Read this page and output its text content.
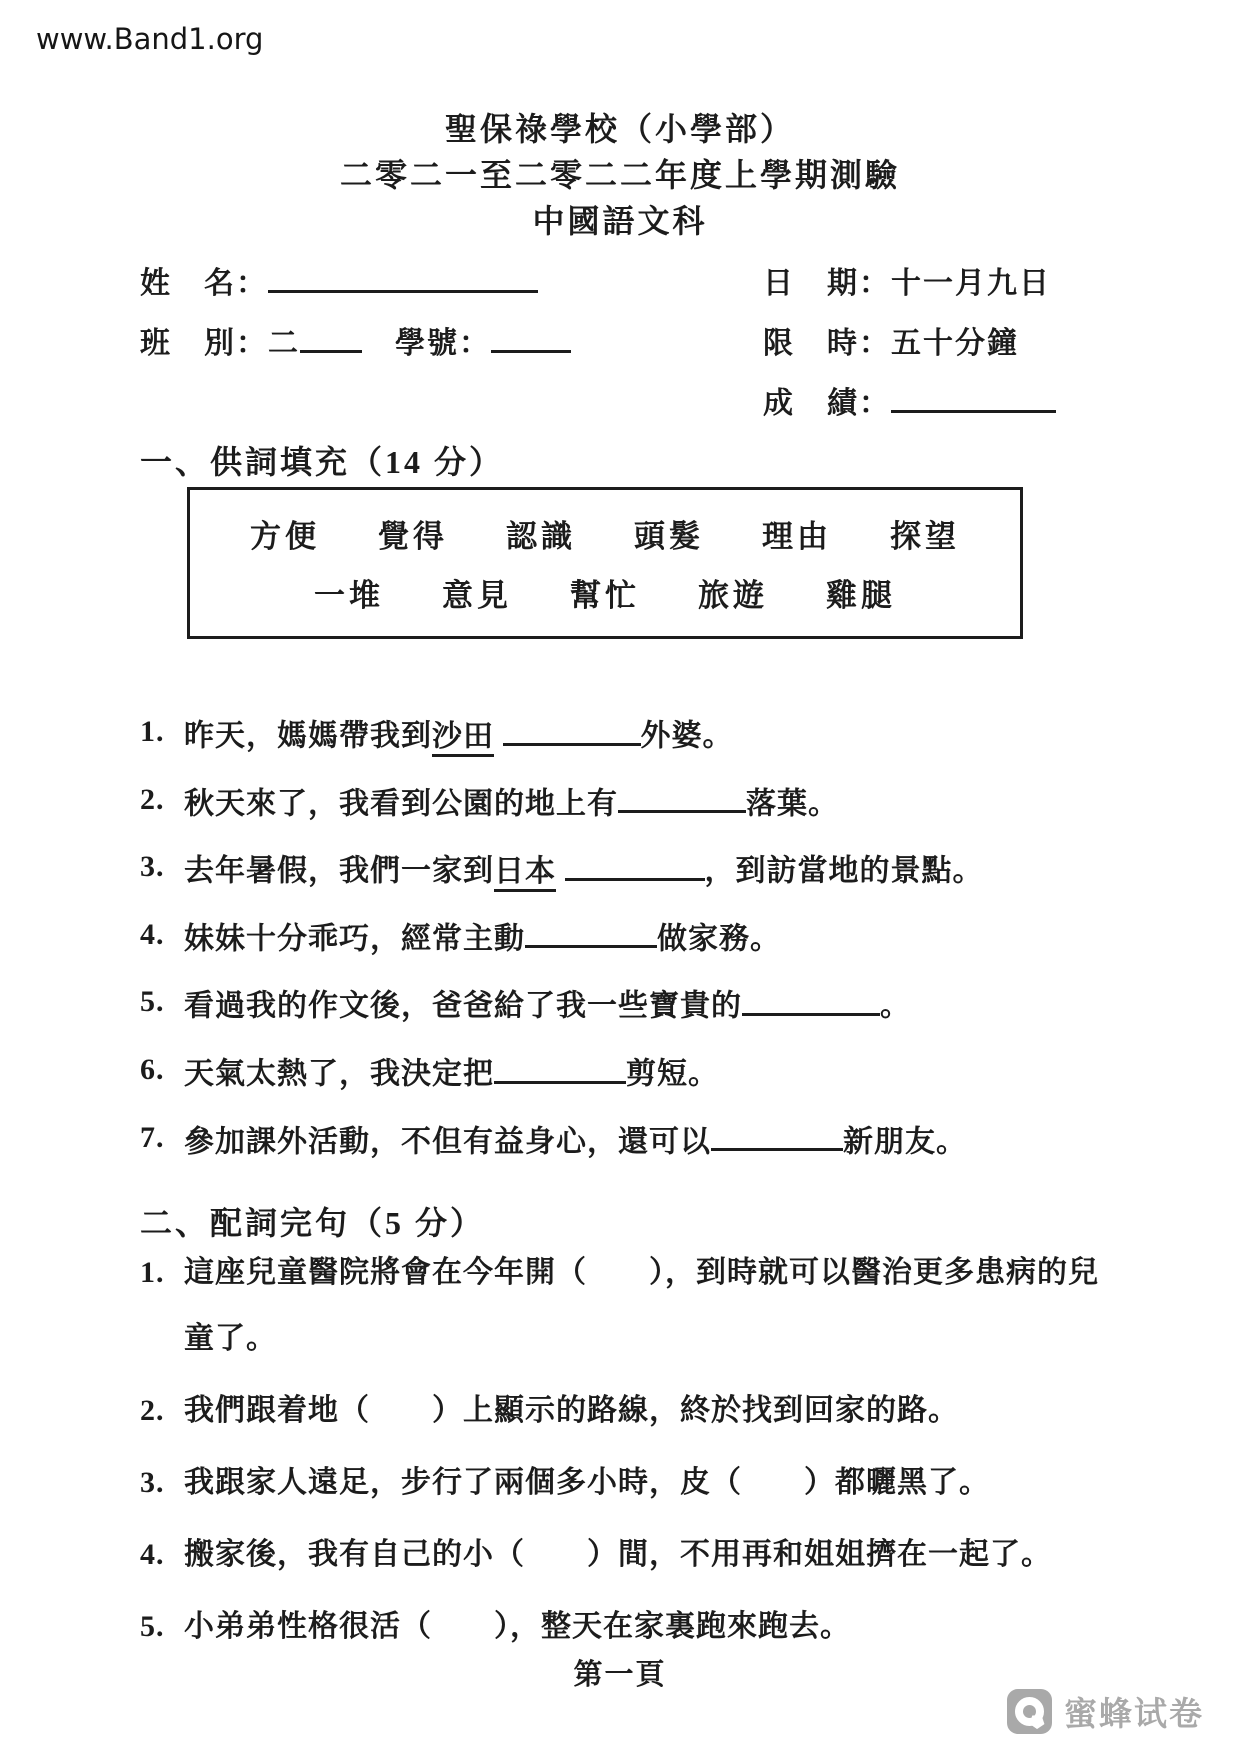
www.Band1.org
聖保祿學校（小學部）
二零二一至二零二二年度上學期測驗
中國語文科
姓　名：
班　別：二	學號：
日　期：十一月九日
限　時：五十分鐘
成　績：
一、供詞填充（14 分）
方便 覺得 認識 頭髮 理由 探望
一堆 意見 幫忙 旅遊 雞腿
1. 昨天，媽媽帶我到沙田	外婆。
2. 秋天來了，我看到公園的地上有	落葉。
3. 去年暑假，我們一家到日本	，到訪當地的景點。
4. 妹妹十分乖巧，經常主動	做家務。
5. 看過我的作文後，爸爸給了我一些寶貴的	。
6. 天氣太熱了，我決定把	剪短。
7. 參加課外活動，不但有益身心，還可以	新朋友。
二、配詞完句（5 分）
1. 這座兒童醫院將會在今年開（　　），到時就可以醫治更多患病的兒童了。
2. 我們跟着地（　　）上顯示的路線，終於找到回家的路。
3. 我跟家人遠足，步行了兩個多小時，皮（　　）都曬黑了。
4. 搬家後，我有自己的小（　　）間，不用再和姐姐擠在一起了。
5. 小弟弟性格很活（　　），整天在家裏跑來跑去。
第一頁
蜜蜂试卷
